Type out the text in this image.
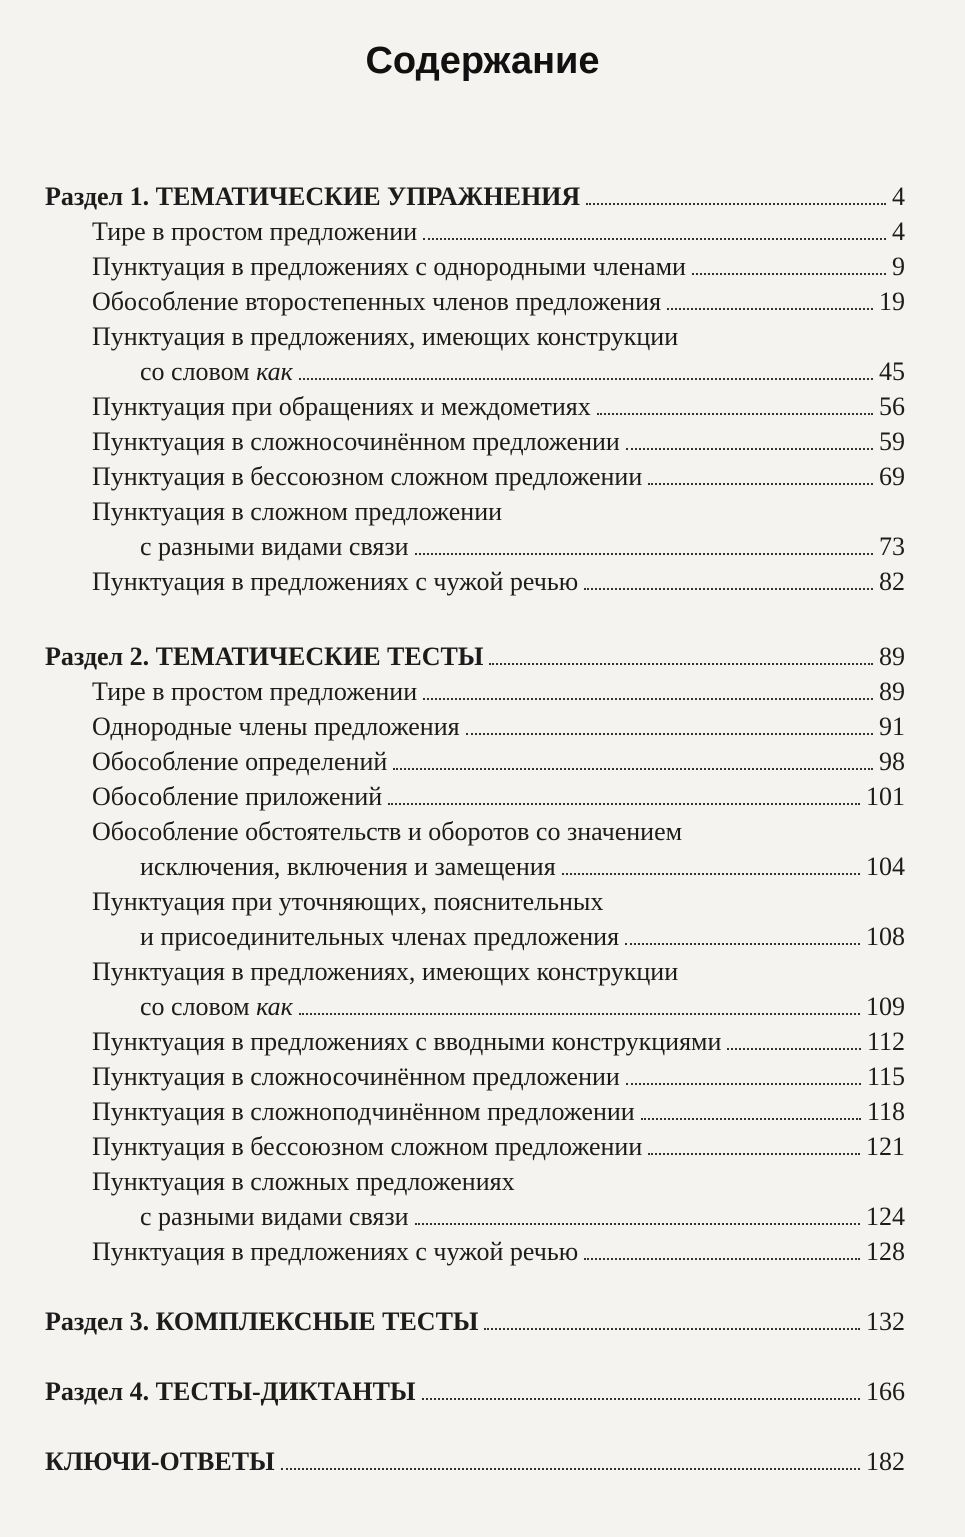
Содержание
Раздел 1. ТЕМАТИЧЕСКИЕ УПРАЖНЕНИЯ	4
Тире в простом предложении	4
Пунктуация в предложениях с однородными членами	9
Обособление второстепенных членов предложения	19
Пунктуация в предложениях, имеющих конструкции
со словом как	45
Пунктуация при обращениях и междометиях	56
Пунктуация в сложносочинённом предложении	59
Пунктуация в бессоюзном сложном предложении	69
Пунктуация в сложном предложении
с разными видами связи	73
Пунктуация в предложениях с чужой речью	82
Раздел 2. ТЕМАТИЧЕСКИЕ ТЕСТЫ	89
Тире в простом предложении	89
Однородные члены предложения	91
Обособление определений	98
Обособление приложений	101
Обособление обстоятельств и оборотов со значением
исключения, включения и замещения	104
Пунктуация при уточняющих, пояснительных
и присоединительных членах предложения	108
Пунктуация в предложениях, имеющих конструкции
со словом как	109
Пунктуация в предложениях с вводными конструкциями	112
Пунктуация в сложносочинённом предложении	115
Пунктуация в сложноподчинённом предложении	118
Пунктуация в бессоюзном сложном предложении	121
Пунктуация в сложных предложениях
с разными видами связи	124
Пунктуация в предложениях с чужой речью	128
Раздел 3. КОМПЛЕКСНЫЕ ТЕСТЫ	132
Раздел 4. ТЕСТЫ-ДИКТАНТЫ	166
КЛЮЧИ-ОТВЕТЫ	182
